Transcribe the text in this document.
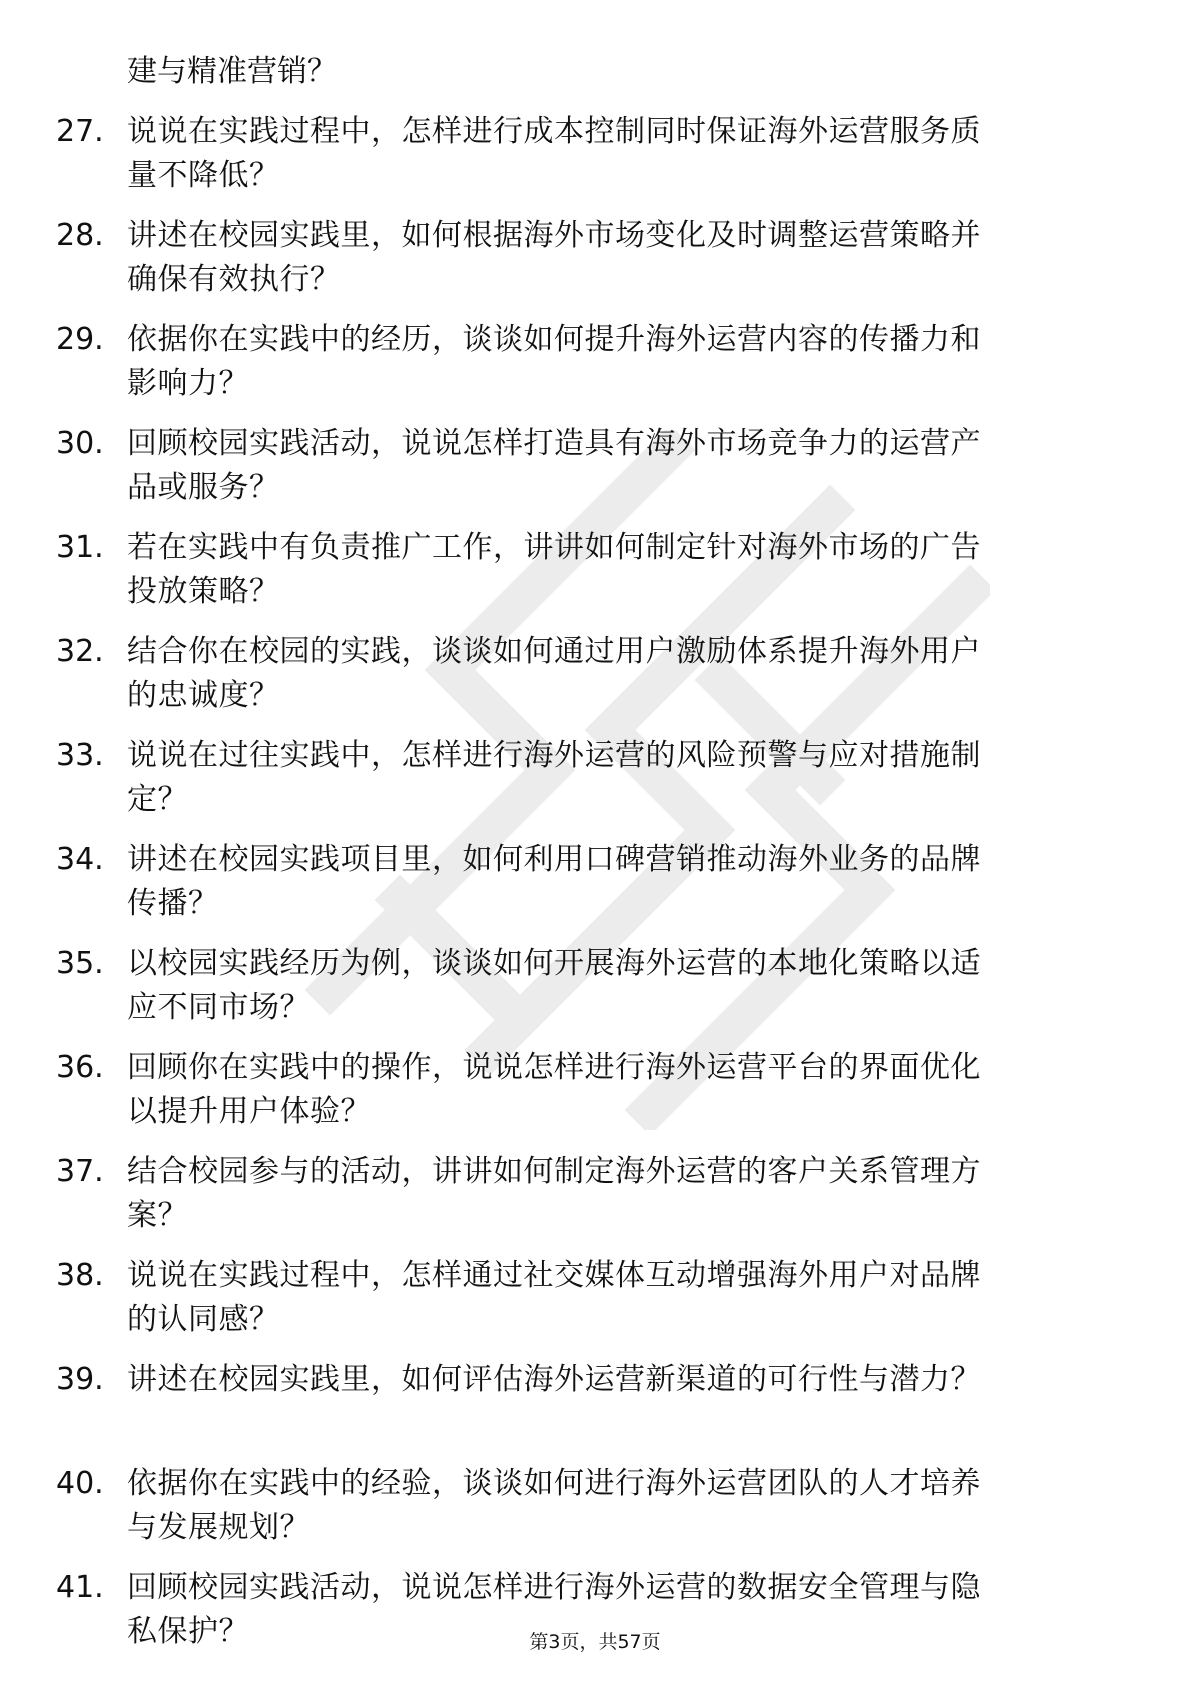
建与精准营销？
27. 说说在实践过程中，怎样进行成本控制同时保证海外运营服务质
量不降低？
28. 讲述在校园实践里，如何根据海外市场变化及时调整运营策略并
确保有效执行？
29. 依据你在实践中的经历，谈谈如何提升海外运营内容的传播力和
影响力？
30. 回顾校园实践活动，说说怎样打造具有海外市场竞争力的运营产
品或服务？
31. 若在实践中有负责推广工作，讲讲如何制定针对海外市场的广告
投放策略？
32. 结合你在校园的实践，谈谈如何通过用户激励体系提升海外用户
的忠诚度？
33. 说说在过往实践中，怎样进行海外运营的风险预警与应对措施制
定？
34. 讲述在校园实践项目里，如何利用口碑营销推动海外业务的品牌
传播？
35. 以校园实践经历为例，谈谈如何开展海外运营的本地化策略以适
应不同市场？
36. 回顾你在实践中的操作，说说怎样进行海外运营平台的界面优化
以提升用户体验？
37. 结合校园参与的活动，讲讲如何制定海外运营的客户关系管理方
案？
38. 说说在实践过程中，怎样通过社交媒体互动增强海外用户对品牌
的认同感？
39. 讲述在校园实践里，如何评估海外运营新渠道的可行性与潜力？
40. 依据你在实践中的经验，谈谈如何进行海外运营团队的人才培养
与发展规划？
41. 回顾校园实践活动，说说怎样进行海外运营的数据安全管理与隐
私保护？	第3页，共57页
